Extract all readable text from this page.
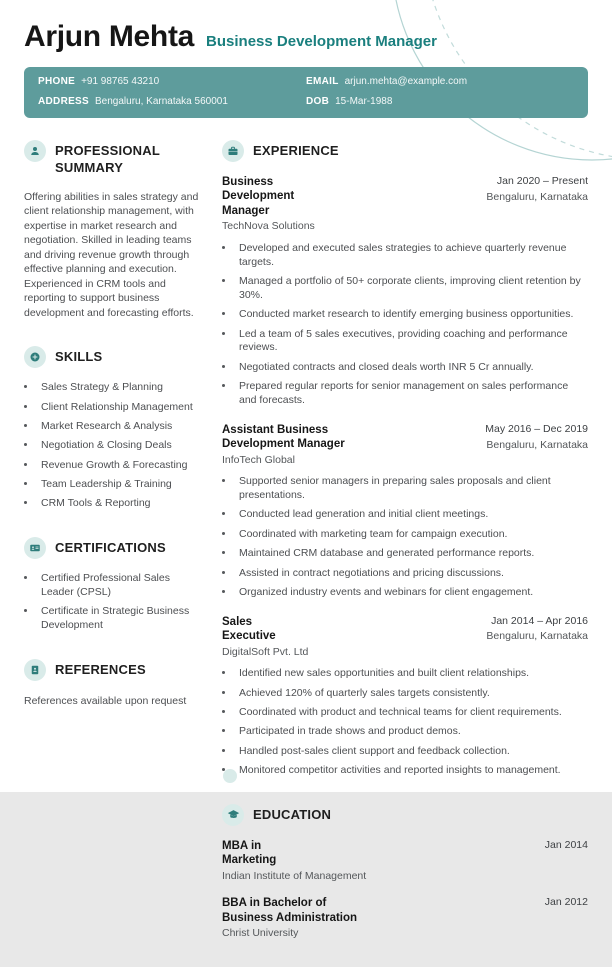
Arjun Mehta Business Development Manager
PHONE +91 98765 43210
ADDRESS Bengaluru, Karnataka 560001
EMAIL arjun.mehta@example.com
DOB 15-Mar-1988
PROFESSIONAL SUMMARY

Offering abilities in sales strategy and client relationship management, with expertise in market research and negotiation. Skilled in leading teams and driving revenue growth through effective planning and execution. Experienced in CRM tools and reporting to support business development and forecasting efforts.

SKILLS
• Sales Strategy & Planning
• Client Relationship Management
• Market Research & Analysis
• Negotiation & Closing Deals
• Revenue Growth & Forecasting
• Team Leadership & Training
• CRM Tools & Reporting
CERTIFICATIONS
• Certified Professional Sales Leader (CPSL)
• Certificate in Strategic Business Development
REFERENCES

References available upon request

EXPERIENCE
Business Development Manager
TechNova Solutions
Jan 2020 – Present
Bengaluru, Karnataka
• Developed and executed sales strategies to achieve quarterly revenue targets.
• Managed a portfolio of 50+ corporate clients, improving client retention by 30%.
• Conducted market research to identify emerging business opportunities.
• Led a team of 5 sales executives, providing coaching and performance reviews.
• Negotiated contracts and closed deals worth INR 5 Cr annually.
• Prepared regular reports for senior management on sales performance and forecasts.
Assistant Business Development Manager
InfoTech Global
May 2016 – Dec 2019
Bengaluru, Karnataka
• Supported senior managers in preparing sales proposals and client presentations.
• Conducted lead generation and initial client meetings.
• Coordinated with marketing team for campaign execution.
• Maintained CRM database and generated performance reports.
• Assisted in contract negotiations and pricing discussions.
• Organized industry events and webinars for client engagement.
Sales Executive
DigitalSoft Pvt. Ltd
Jan 2014 – Apr 2016
Bengaluru, Karnataka
• Identified new sales opportunities and built client relationships.
• Achieved 120% of quarterly sales targets consistently.
• Coordinated with product and technical teams for client requirements.
• Participated in trade shows and product demos.
• Handled post-sales client support and feedback collection.
• Monitored competitor activities and reported insights to management.
EDUCATION
MBA in Marketing
Indian Institute of Management
Jan 2014
BBA in Bachelor of Business Administration
Christ University
Jan 2012
